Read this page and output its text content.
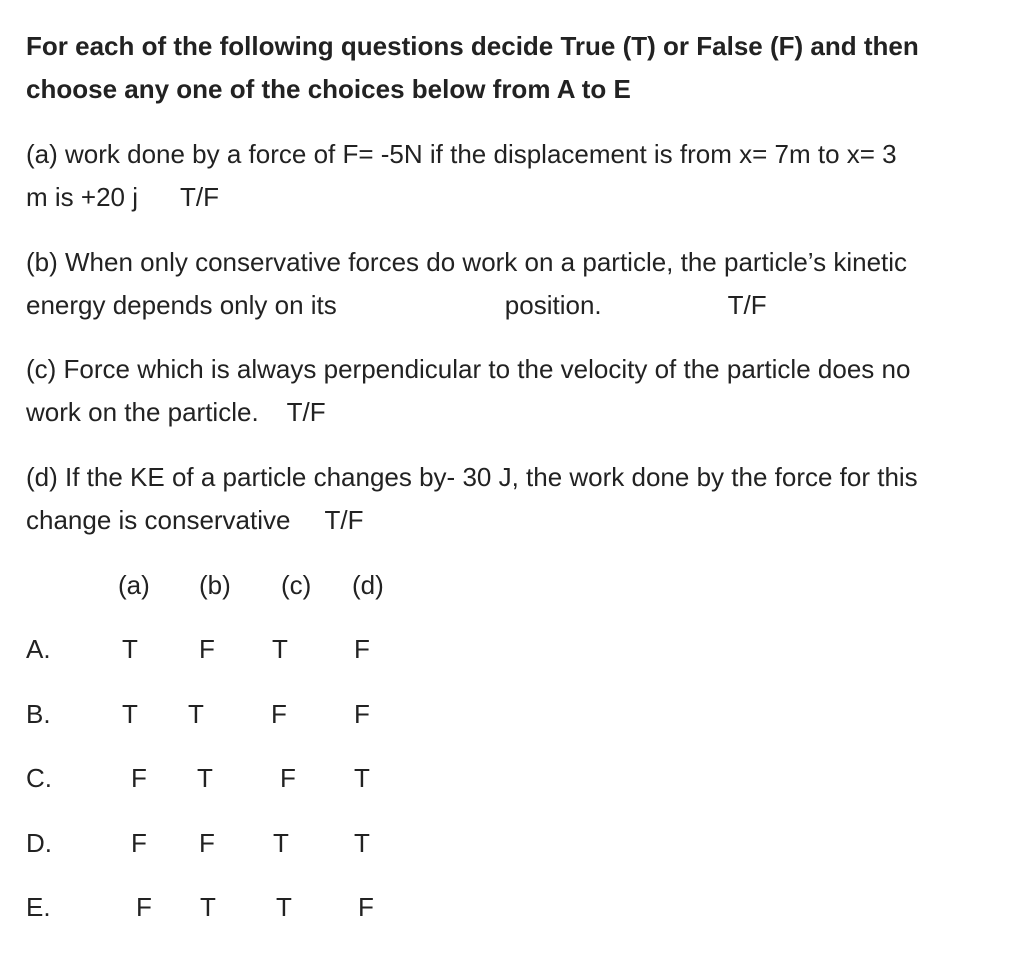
For each of the following questions decide True (T) or False (F) and then
choose any one of the choices below from A to E
(a) work done by a force of F= -5N if the displacement is from x= 7m to x= 3
m is +20 j T/F
(b) When only conservative forces do work on a particle, the particle’s kinetic
energy depends only on its	position.	T/F
(c) Force which is always perpendicular to the velocity of the particle does no
work on the particle. T/F
(d) If the KE of a particle changes by- 30 J, the work done by the force for this
change is conservative T/F
(a) (b) (c) (d)
A.	T F T	F
B.	T T	F	F
C.	F T	F T
D.	F F T	T
E.	F T T	F
